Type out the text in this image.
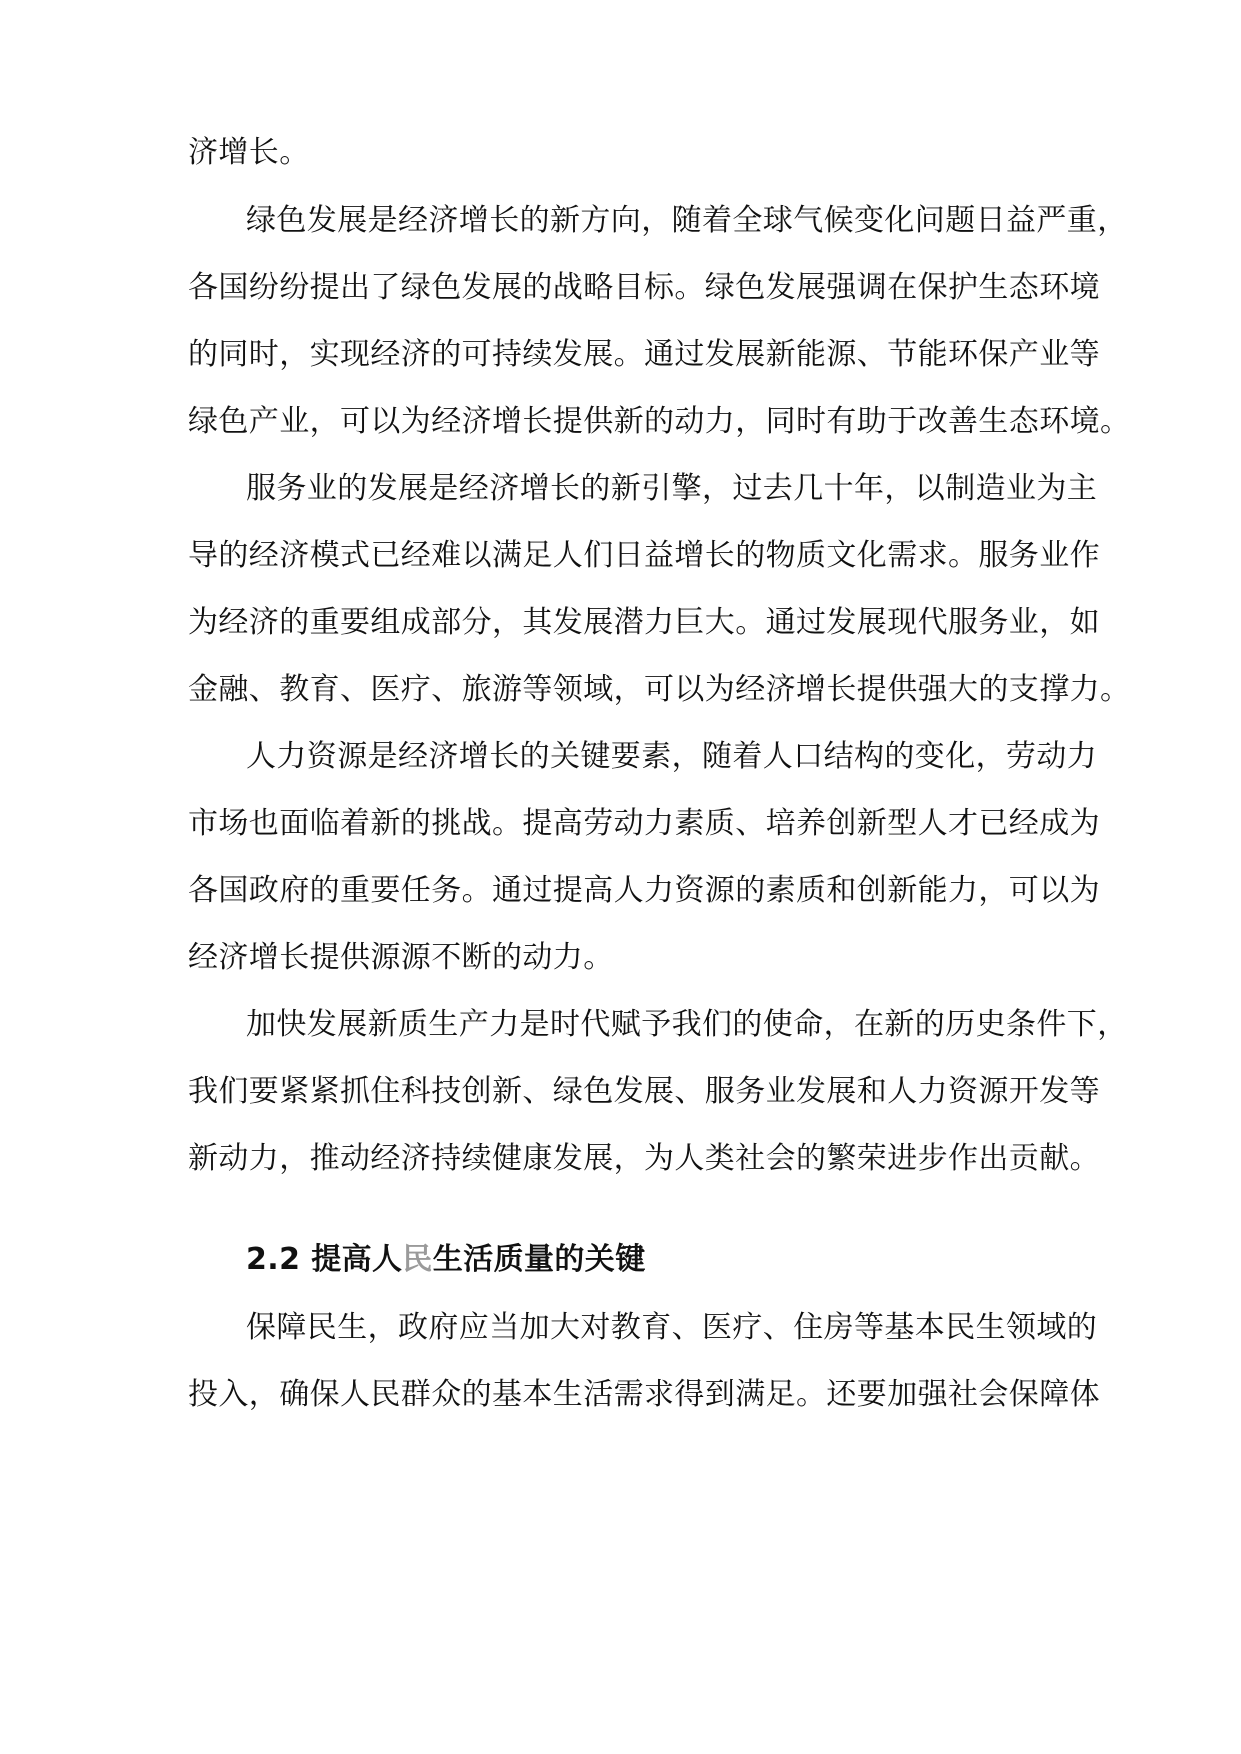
济增长。
绿色发展是经济增长的新方向，随着全球气候变化问题日益严重，
各国纷纷提出了绿色发展的战略目标。绿色发展强调在保护生态环境
的同时，实现经济的可持续发展。通过发展新能源、节能环保产业等
绿色产业，可以为经济增长提供新的动力，同时有助于改善生态环境。
服务业的发展是经济增长的新引擎，过去几十年，以制造业为主
导的经济模式已经难以满足人们日益增长的物质文化需求。服务业作
为经济的重要组成部分，其发展潜力巨大。通过发展现代服务业，如
金融、教育、医疗、旅游等领域，可以为经济增长提供强大的支撑力。
人力资源是经济增长的关键要素，随着人口结构的变化，劳动力
市场也面临着新的挑战。提高劳动力素质、培养创新型人才已经成为
各国政府的重要任务。通过提高人力资源的素质和创新能力，可以为
经济增长提供源源不断的动力。
加快发展新质生产力是时代赋予我们的使命，在新的历史条件下，
我们要紧紧抓住科技创新、绿色发展、服务业发展和人力资源开发等
新动力，推动经济持续健康发展，为人类社会的繁荣进步作出贡献。
2.2 提高人民生活质量的关键
保障民生，政府应当加大对教育、医疗、住房等基本民生领域的
投入，确保人民群众的基本生活需求得到满足。还要加强社会保障体
